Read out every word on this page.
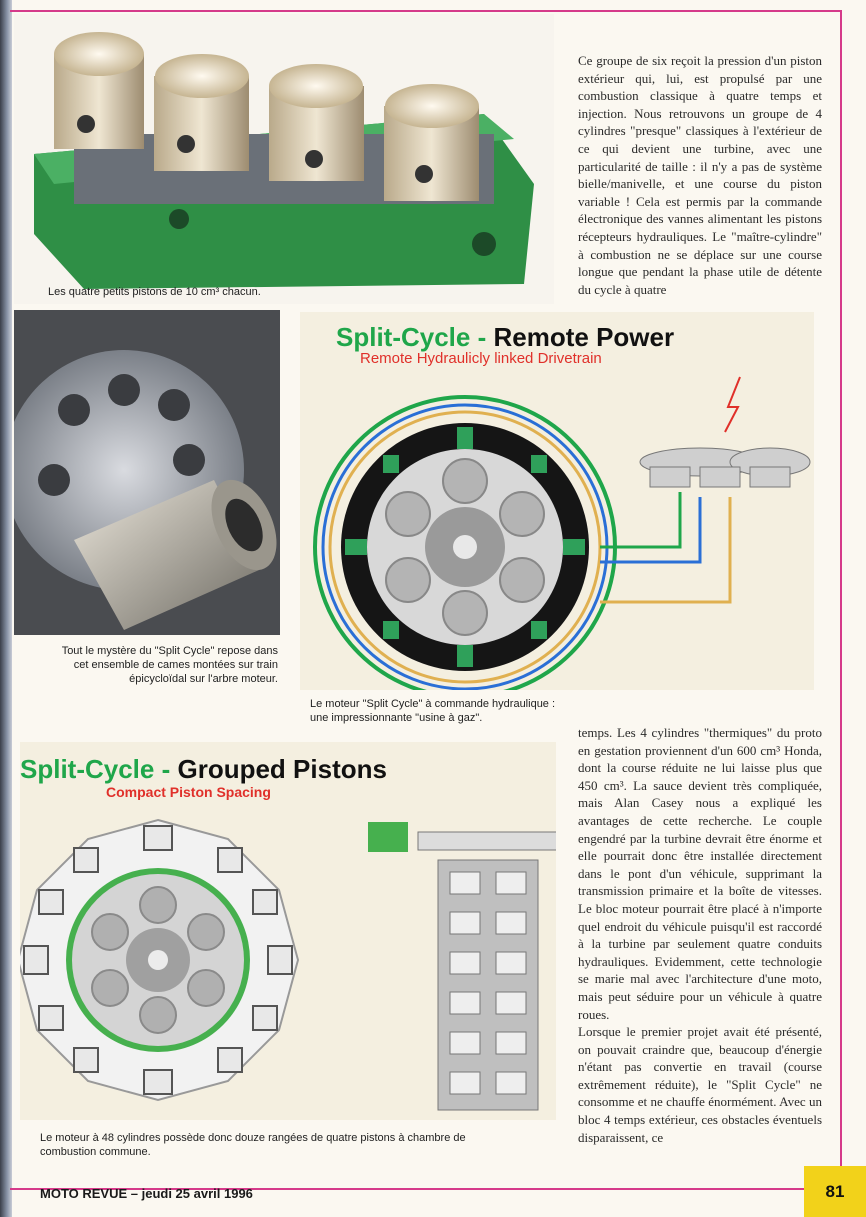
Les quatre petits pistons de 10 cm³ chacun.

Ce groupe de six reçoit la pression d'un piston extérieur qui, lui, est propulsé par une combustion classique à quatre temps et injection. Nous retrouvons un groupe de 4 cylindres "presque" classiques à l'extérieur de ce qui devient une turbine, avec une particularité de taille : il n'y a pas de système bielle/manivelle, et une course du piston variable ! Cela est permis par la commande électronique des vannes alimentant les pistons récepteurs hydrauliques. Le "maître-cylindre" à combustion ne se déplace sur une course longue que pendant la phase utile de détente du cycle à quatre

Tout le mystère du "Split Cycle" repose dans cet ensemble de cames montées sur train épicycloïdal sur l'arbre moteur.
Split-Cycle - Remote Power
Remote Hydraulicly linked Drivetrain
Le moteur "Split Cycle" à commande hydraulique : une impressionnante "usine à gaz".
Split-Cycle - Grouped Pistons
Compact Piston Spacing
Le moteur à 48 cylindres possède donc douze rangées de quatre pistons à chambre de combustion commune.

temps. Les 4 cylindres "thermiques" du proto en gestation proviennent d'un 600 cm³ Honda, dont la course réduite ne lui laisse plus que 450 cm³. La sauce devient très compliquée, mais Alan Casey nous a expliqué les avantages de cette recherche. Le couple engendré par la turbine devrait être énorme et elle pourrait donc être installée directement dans le pont d'un véhicule, supprimant la transmission primaire et la boîte de vitesses. Le bloc moteur pourrait être placé à n'importe quel endroit du véhicule puisqu'il est raccordé à la turbine par seulement quatre conduits hydrauliques. Evidemment, cette technologie se marie mal avec l'architecture d'une moto, mais peut séduire pour un véhicule à quatre roues.

Lorsque le premier projet avait été présenté, on pouvait craindre que, beaucoup d'énergie n'étant pas convertie en travail (course extrêmement réduite), le "Split Cycle" ne consomme et ne chauffe énormément. Avec un bloc 4 temps extérieur, ces obstacles éventuels disparaissent, ce

MOTO REVUE – jeudi 25 avril 1996	81
